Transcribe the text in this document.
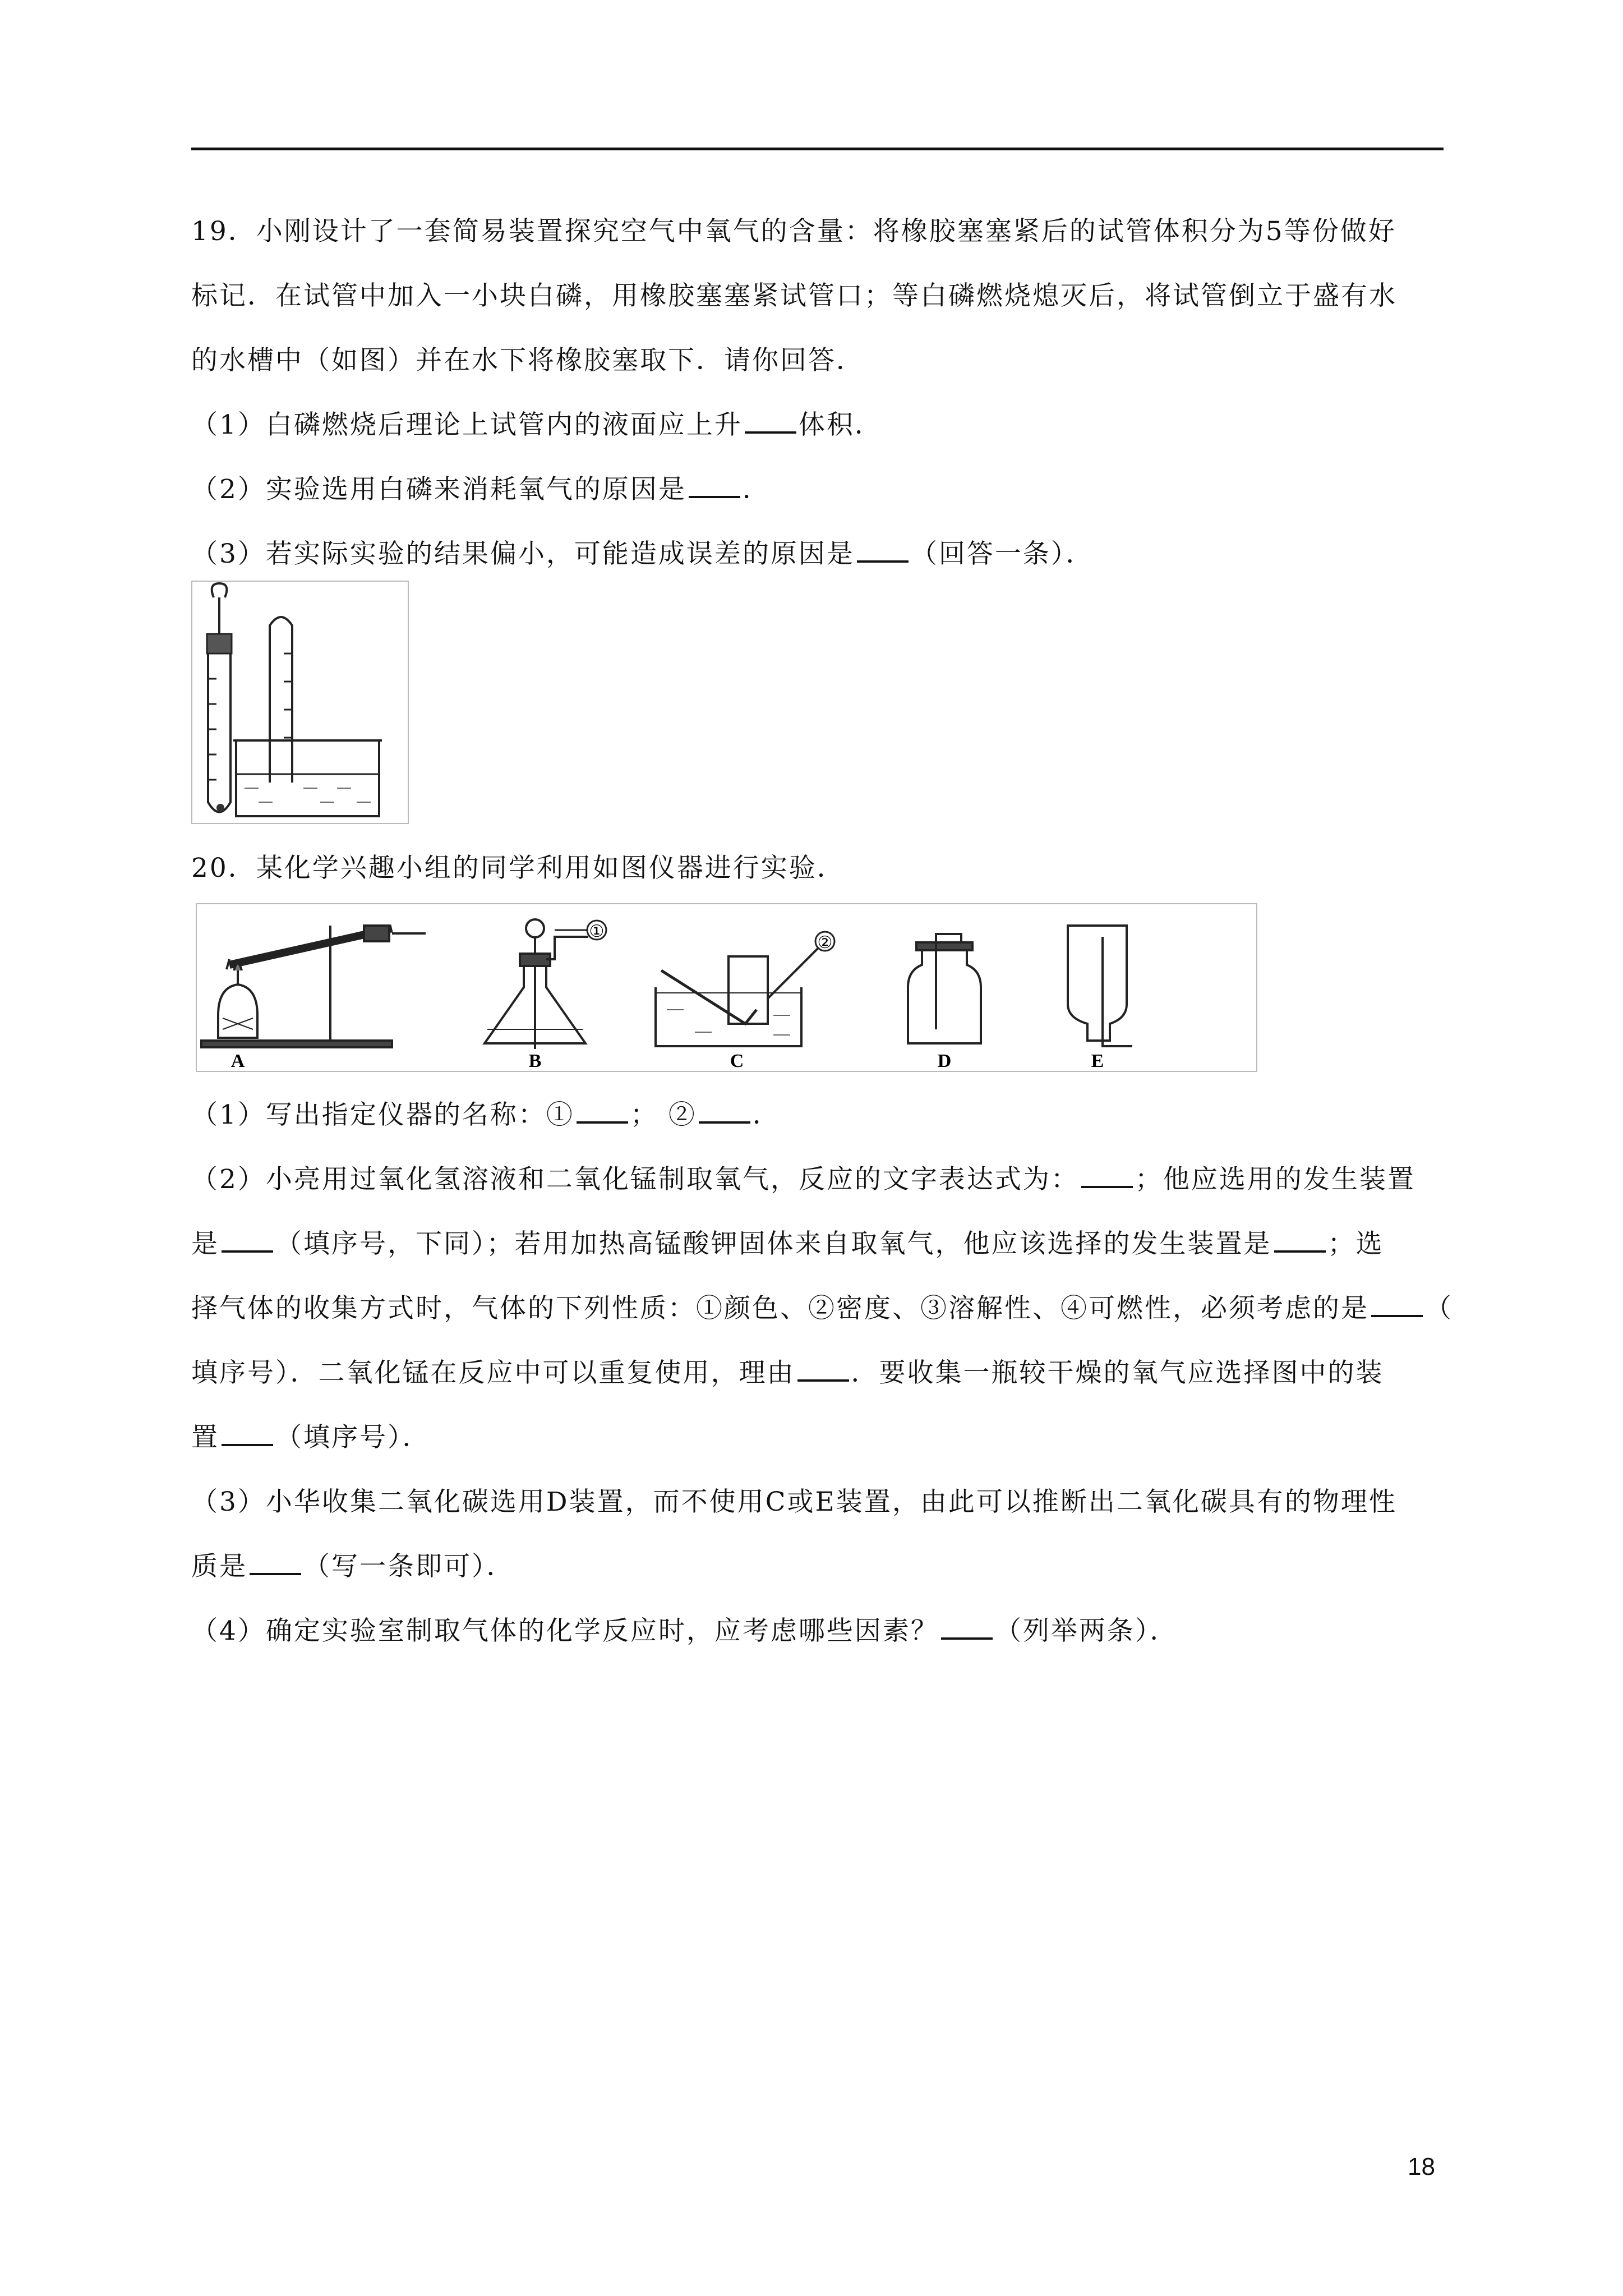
19．小刚设计了一套简易装置探究空气中氧气的含量：将橡胶塞塞紧后的试管体积分为5等份做好
标记．在试管中加入一小块白磷，用橡胶塞塞紧试管口；等白磷燃烧熄灭后，将试管倒立于盛有水
的水槽中（如图）并在水下将橡胶塞取下．请你回答．
（1）白磷燃烧后理论上试管内的液面应上升 体积．
（2）实验选用白磷来消耗氧气的原因是 ．
（3）若实际实验的结果偏小，可能造成误差的原因是 （回答一条）．
20．某化学兴趣小组的同学利用如图仪器进行实验．
A
①
B
②
C	D	E
（1）写出指定仪器的名称：① ； ② ．
（2）小亮用过氧化氢溶液和二氧化锰制取氧气，反应的文字表达式为： ；他应选用的发生装置
是 （填序号，下同）；若用加热高锰酸钾固体来自取氧气，他应该选择的发生装置是 ；选
择气体的收集方式时，气体的下列性质：①颜色、②密度、③溶解性、④可燃性，必须考虑的是 （
填序号）．二氧化锰在反应中可以重复使用，理由 ．要收集一瓶较干燥的氧气应选择图中的装
置 （填序号）．
（3）小华收集二氧化碳选用D装置，而不使用C或E装置，由此可以推断出二氧化碳具有的物理性
质是 （写一条即可）．
（4）确定实验室制取气体的化学反应时，应考虑哪些因素？ （列举两条）．
18
